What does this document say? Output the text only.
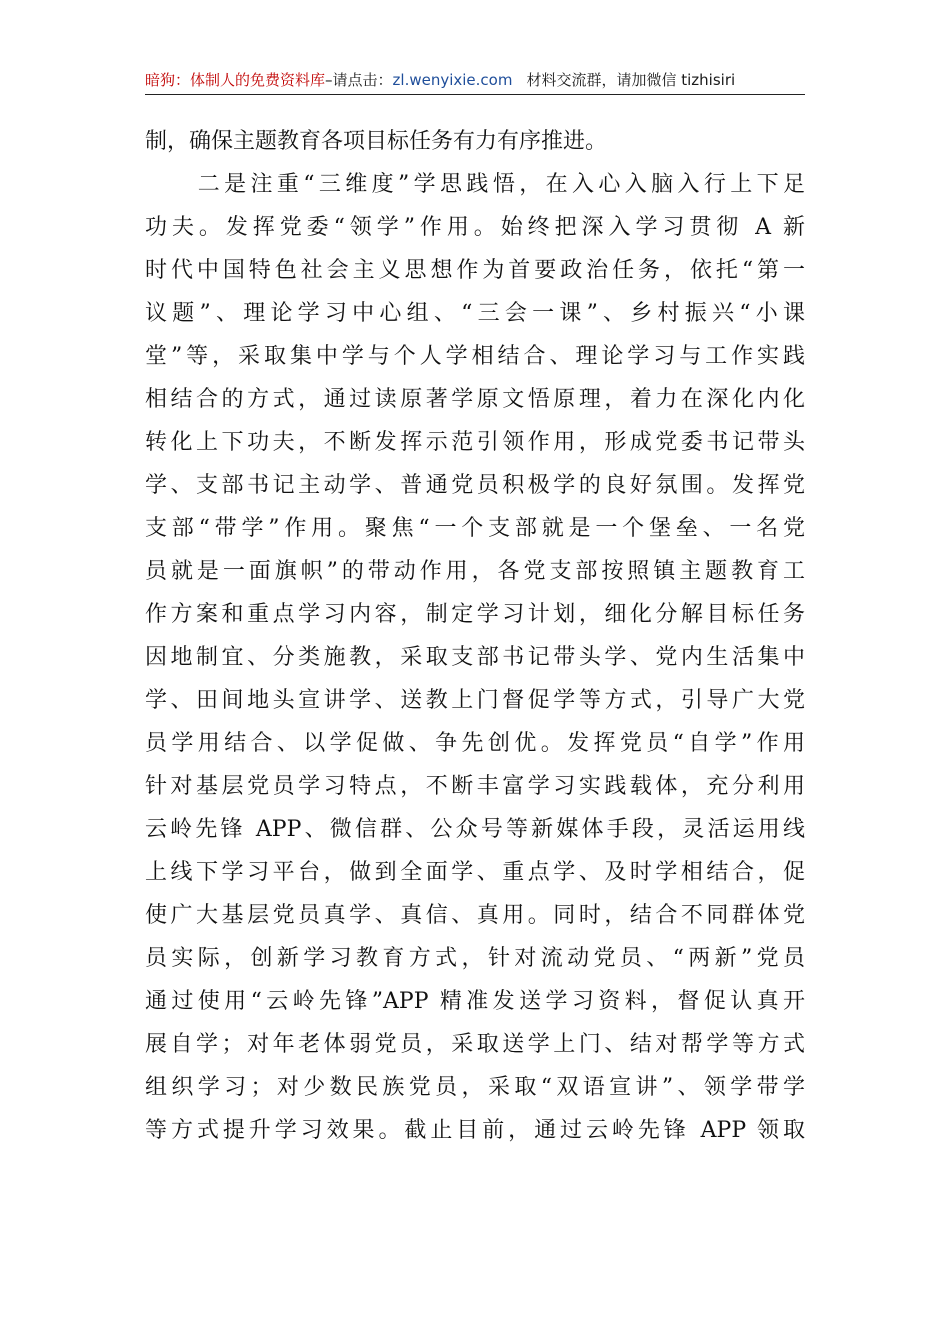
暗狗：体制人的免费资料库–请点击：zl.wenyixie.com 材料交流群，请加微信 tizhisiri
制，确保主题教育各项目标任务有力有序推进。
　　二是注重“三维度”学思践悟，在入心入脑入行上下足
功夫。发挥党委“领学”作用。始终把深入学习贯彻 A 新
时代中国特色社会主义思想作为首要政治任务，依托“第一
议题”、理论学习中心组、“三会一课”、乡村振兴“小课
堂”等，采取集中学与个人学相结合、理论学习与工作实践
相结合的方式，通过读原著学原文悟原理，着力在深化内化
转化上下功夫，不断发挥示范引领作用，形成党委书记带头
学、支部书记主动学、普通党员积极学的良好氛围。发挥党
支部“带学”作用。聚焦“一个支部就是一个堡垒、一名党
员就是一面旗帜”的带动作用，各党支部按照镇主题教育工
作方案和重点学习内容，制定学习计划，细化分解目标任务
因地制宜、分类施教，采取支部书记带头学、党内生活集中
学、田间地头宣讲学、送教上门督促学等方式，引导广大党
员学用结合、以学促做、争先创优。发挥党员“自学”作用
针对基层党员学习特点，不断丰富学习实践载体，充分利用
云岭先锋 APP、微信群、公众号等新媒体手段，灵活运用线
上线下学习平台，做到全面学、重点学、及时学相结合，促
使广大基层党员真学、真信、真用。同时，结合不同群体党
员实际，创新学习教育方式，针对流动党员、“两新”党员
通过使用“云岭先锋”APP 精准发送学习资料，督促认真开
展自学；对年老体弱党员，采取送学上门、结对帮学等方式
组织学习；对少数民族党员，采取“双语宣讲”、领学带学
等方式提升学习效果。截止目前，通过云岭先锋 APP 领取
